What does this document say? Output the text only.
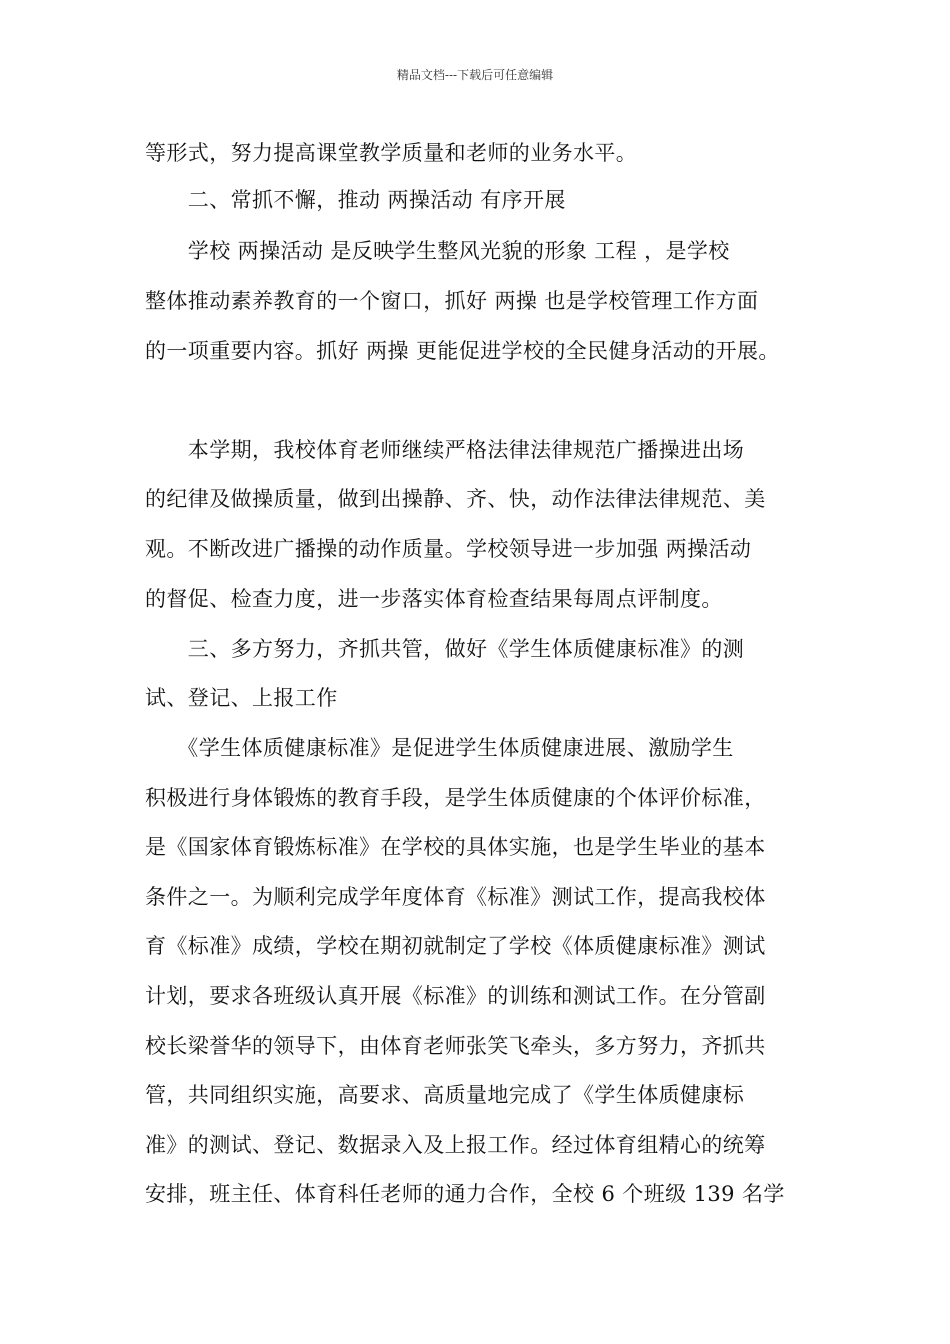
精品文档---下载后可任意编辑
等形式，努力提高课堂教学质量和老师的业务水平。
　　二、常抓不懈，推动 两操活动 有序开展
　　学校 两操活动 是反映学生整风光貌的形象 工程 ，是学校
整体推动素养教育的一个窗口，抓好 两操 也是学校管理工作方面
的一项重要内容。抓好 两操 更能促进学校的全民健身活动的开展。
　　本学期，我校体育老师继续严格法律法律规范广播操进出场
的纪律及做操质量，做到出操静、齐、快，动作法律法律规范、美
观。不断改进广播操的动作质量。学校领导进一步加强 两操活动
的督促、检查力度，进一步落实体育检查结果每周点评制度。
　　三、多方努力，齐抓共管，做好《学生体质健康标准》的测
试、登记、上报工作
　　《学生体质健康标准》是促进学生体质健康进展、激励学生
积极进行身体锻炼的教育手段，是学生体质健康的个体评价标准，
是《国家体育锻炼标准》在学校的具体实施，也是学生毕业的基本
条件之一。为顺利完成学年度体育《标准》测试工作，提高我校体
育《标准》成绩，学校在期初就制定了学校《体质健康标准》测试
计划，要求各班级认真开展《标准》的训练和测试工作。在分管副
校长梁誉华的领导下，由体育老师张笑飞牵头，多方努力，齐抓共
管，共同组织实施，高要求、高质量地完成了《学生体质健康标
准》的测试、登记、数据录入及上报工作。经过体育组精心的统筹
安排，班主任、体育科任老师的通力合作，全校 6 个班级 139 名学
